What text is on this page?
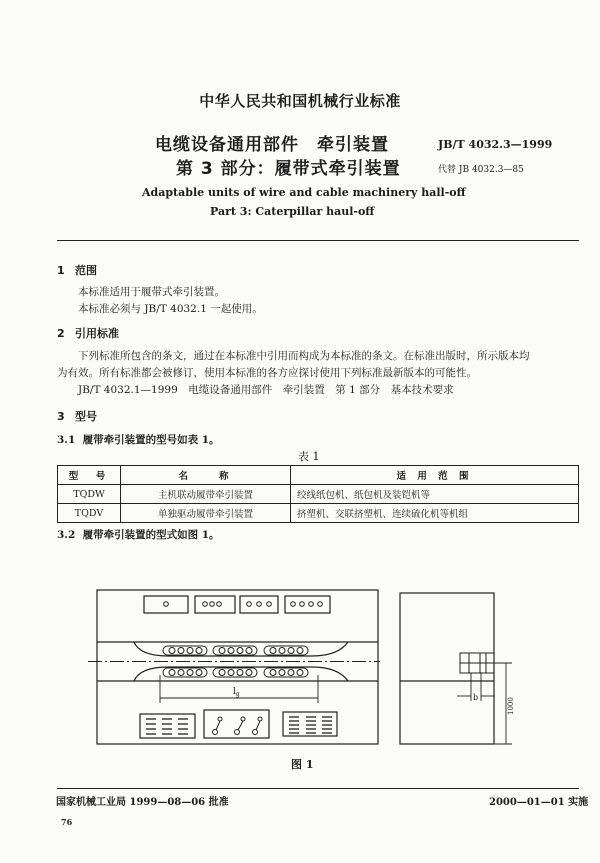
中华人民共和国机械行业标准
电缆设备通用部件 牵引装置
第 3 部分：履带式牵引装置
JB/T 4032.3—1999
代替 JB 4032.3—85
Adaptable units of wire and cable machinery hall-off
Part 3: Caterpillar haul-off
1 范围
本标准适用于履带式牵引装置。
本标准必须与 JB/T 4032.1 一起使用。
2 引用标准
下列标准所包含的条文，通过在本标准中引用而构成为本标准的条文。在标准出版时，所示版本均
为有效。所有标准都会被修订，使用本标准的各方应探讨使用下列标准最新版本的可能性。
JB/T 4032.1—1999　电缆设备通用部件　牵引装置　第 1 部分　基本技术要求
3 型号
3.1 履带牵引装置的型号如表 1。
表 1
型　号	名　　称	适 用 范 围
TQDW	主机联动履带牵引装置	绞线纸包机、纸包机及装铠机等
TQDV	单独驱动履带牵引装置	挤塑机、交联挤塑机、连续硫化机等机组
3.2 履带牵引装置的型式如图 1。
$l_g$	b	1000
图 1
国家机械工业局 1999—08—06 批准	2000—01—01 实施
76
